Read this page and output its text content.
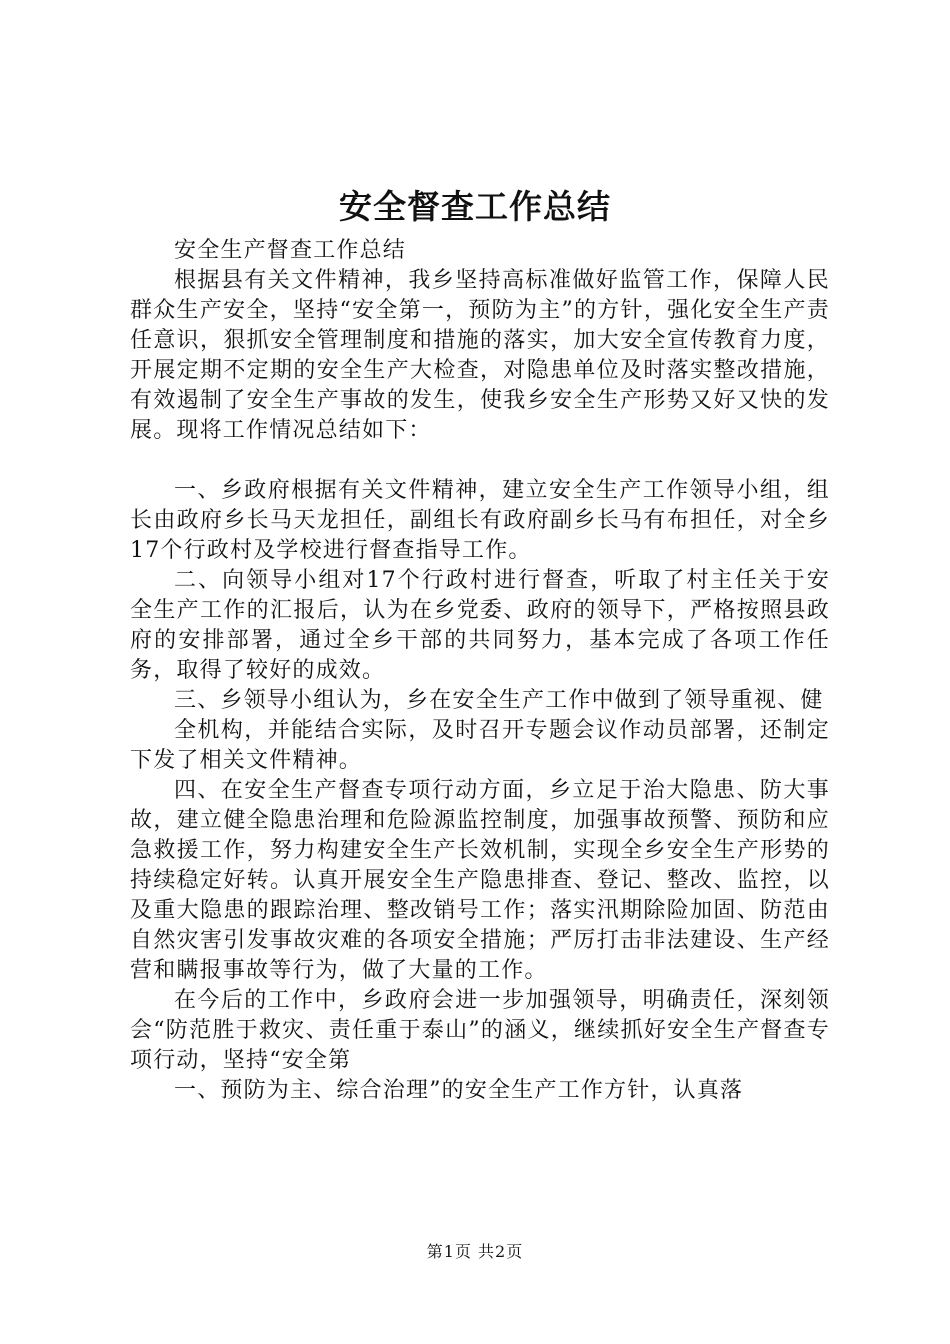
安全督查工作总结

安全生产督查工作总结

根据县有关文件精神，我乡坚持高标准做好监管工作，保障人民群众生产安全，坚持“安全第一，预防为主”的方针，强化安全生产责任意识，狠抓安全管理制度和措施的落实，加大安全宣传教育力度，开展定期不定期的安全生产大检查，对隐患单位及时落实整改措施，有效遏制了安全生产事故的发生，使我乡安全生产形势又好又快的发展。现将工作情况总结如下：

一、乡政府根据有关文件精神，建立安全生产工作领导小组，组长由政府乡长马天龙担任，副组长有政府副乡长马有布担任，对全乡17个行政村及学校进行督查指导工作。

二、向领导小组对17个行政村进行督查，听取了村主任关于安全生产工作的汇报后，认为在乡党委、政府的领导下，严格按照县政府的安排部署，通过全乡干部的共同努力，基本完成了各项工作任务，取得了较好的成效。

三、乡领导小组认为，乡在安全生产工作中做到了领导重视、健

全机构，并能结合实际，及时召开专题会议作动员部署，还制定下发了相关文件精神。

四、在安全生产督查专项行动方面，乡立足于治大隐患、防大事故，建立健全隐患治理和危险源监控制度，加强事故预警、预防和应急救援工作，努力构建安全生产长效机制，实现全乡安全生产形势的持续稳定好转。认真开展安全生产隐患排查、登记、整改、监控，以及重大隐患的跟踪治理、整改销号工作；落实汛期除险加固、防范由自然灾害引发事故灾难的各项安全措施；严厉打击非法建设、生产经营和瞒报事故等行为，做了大量的工作。

在今后的工作中，乡政府会进一步加强领导，明确责任，深刻领会“防范胜于救灾、责任重于泰山”的涵义，继续抓好安全生产督查专项行动，坚持“安全第

一、预防为主、综合治理”的安全生产工作方针，认真落

第1页 共2页
